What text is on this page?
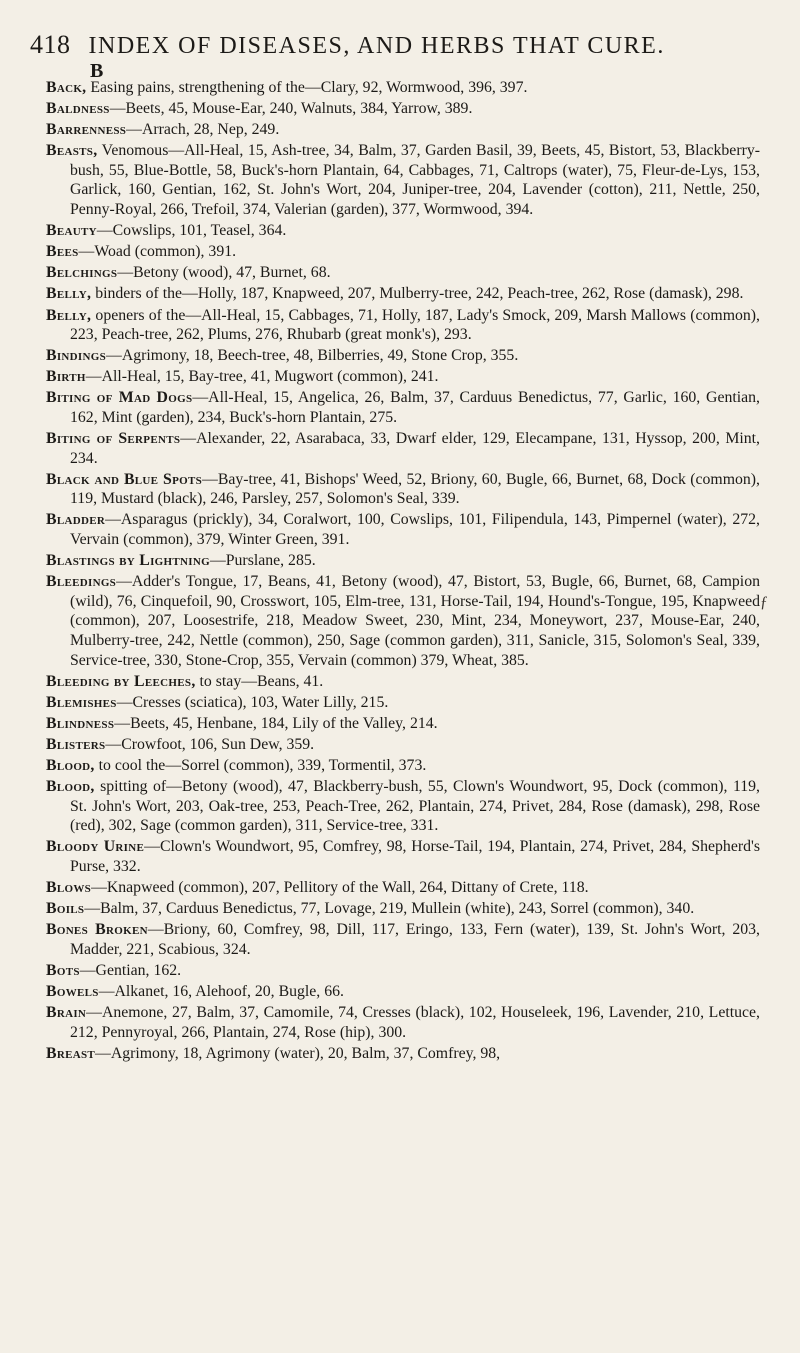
418 INDEX OF DISEASES, AND HERBS THAT CURE.
B

Back, Easing pains, strengthening of the—Clary, 92, Wormwood, 396, 397.

Baldness—Beets, 45, Mouse-Ear, 240, Walnuts, 384, Yarrow, 389.

Barrenness—Arrach, 28, Nep, 249.

Beasts, Venomous—All-Heal, 15, Ash-tree, 34, Balm, 37, Garden Basil, 39, Beets, 45, Bistort, 53, Blackberry-bush, 55, Blue-Bottle, 58, Buck's-horn Plantain, 64, Cabbages, 71, Caltrops (water), 75, Fleur-de-Lys, 153, Garlick, 160, Gentian, 162, St. John's Wort, 204, Juniper-tree, 204, Lavender (cotton), 211, Nettle, 250, Penny-Royal, 266, Trefoil, 374, Valerian (garden), 377, Wormwood, 394.

Beauty—Cowslips, 101, Teasel, 364.

Bees—Woad (common), 391.

Belchings—Betony (wood), 47, Burnet, 68.

Belly, binders of the—Holly, 187, Knapweed, 207, Mulberry-tree, 242, Peach-tree, 262, Rose (damask), 298.

Belly, openers of the—All-Heal, 15, Cabbages, 71, Holly, 187, Lady's Smock, 209, Marsh Mallows (common), 223, Peach-tree, 262, Plums, 276, Rhubarb (great monk's), 293.

Bindings—Agrimony, 18, Beech-tree, 48, Bilberries, 49, Stone Crop, 355.

Birth—All-Heal, 15, Bay-tree, 41, Mugwort (common), 241.

Biting of Mad Dogs—All-Heal, 15, Angelica, 26, Balm, 37, Carduus Benedictus, 77, Garlic, 160, Gentian, 162, Mint (garden), 234, Buck's-horn Plantain, 275.

Biting of Serpents—Alexander, 22, Asarabaca, 33, Dwarf elder, 129, Elecampane, 131, Hyssop, 200, Mint, 234.

Black and Blue Spots—Bay-tree, 41, Bishops' Weed, 52, Briony, 60, Bugle, 66, Burnet, 68, Dock (common), 119, Mustard (black), 246, Parsley, 257, Solomon's Seal, 339.

Bladder—Asparagus (prickly), 34, Coralwort, 100, Cowslips, 101, Filipendula, 143, Pimpernel (water), 272, Vervain (common), 379, Winter Green, 391.

Blastings by Lightning—Purslane, 285.

Bleedings—Adder's Tongue, 17, Beans, 41, Betony (wood), 47, Bistort, 53, Bugle, 66, Burnet, 68, Campion (wild), 76, Cinquefoil, 90, Crosswort, 105, Elm-tree, 131, Horse-Tail, 194, Hound's-Tongue, 195, Knapweed (common), 207, Loosestrife, 218, Meadow Sweet, 230, Mint, 234, Moneywort, 237, Mouse-Ear, 240, Mulberry-tree, 242, Nettle (common), 250, Sage (common garden), 311, Sanicle, 315, Solomon's Seal, 339, Service-tree, 330, Stone-Crop, 355, Vervain (common) 379, Wheat, 385.

Bleeding by Leeches, to stay—Beans, 41.

Blemishes—Cresses (sciatica), 103, Water Lilly, 215.

Blindness—Beets, 45, Henbane, 184, Lily of the Valley, 214.

Blisters—Crowfoot, 106, Sun Dew, 359.

Blood, to cool the—Sorrel (common), 339, Tormentil, 373.

Blood, spitting of—Betony (wood), 47, Blackberry-bush, 55, Clown's Woundwort, 95, Dock (common), 119, St. John's Wort, 203, Oak-tree, 253, Peach-Tree, 262, Plantain, 274, Privet, 284, Rose (damask), 298, Rose (red), 302, Sage (common garden), 311, Service-tree, 331.

Bloody Urine—Clown's Woundwort, 95, Comfrey, 98, Horse-Tail, 194, Plantain, 274, Privet, 284, Shepherd's Purse, 332.

Blows—Knapweed (common), 207, Pellitory of the Wall, 264, Dittany of Crete, 118.

Boils—Balm, 37, Carduus Benedictus, 77, Lovage, 219, Mullein (white), 243, Sorrel (common), 340.

Bones Broken—Briony, 60, Comfrey, 98, Dill, 117, Eringo, 133, Fern (water), 139, St. John's Wort, 203, Madder, 221, Scabious, 324.

Bots—Gentian, 162.

Bowels—Alkanet, 16, Alehoof, 20, Bugle, 66.

Brain—Anemone, 27, Balm, 37, Camomile, 74, Cresses (black), 102, Houseleek, 196, Lavender, 210, Lettuce, 212, Pennyroyal, 266, Plantain, 274, Rose (hip), 300.

Breast—Agrimony, 18, Agrimony (water), 20, Balm, 37, Comfrey, 98,

ƒ
